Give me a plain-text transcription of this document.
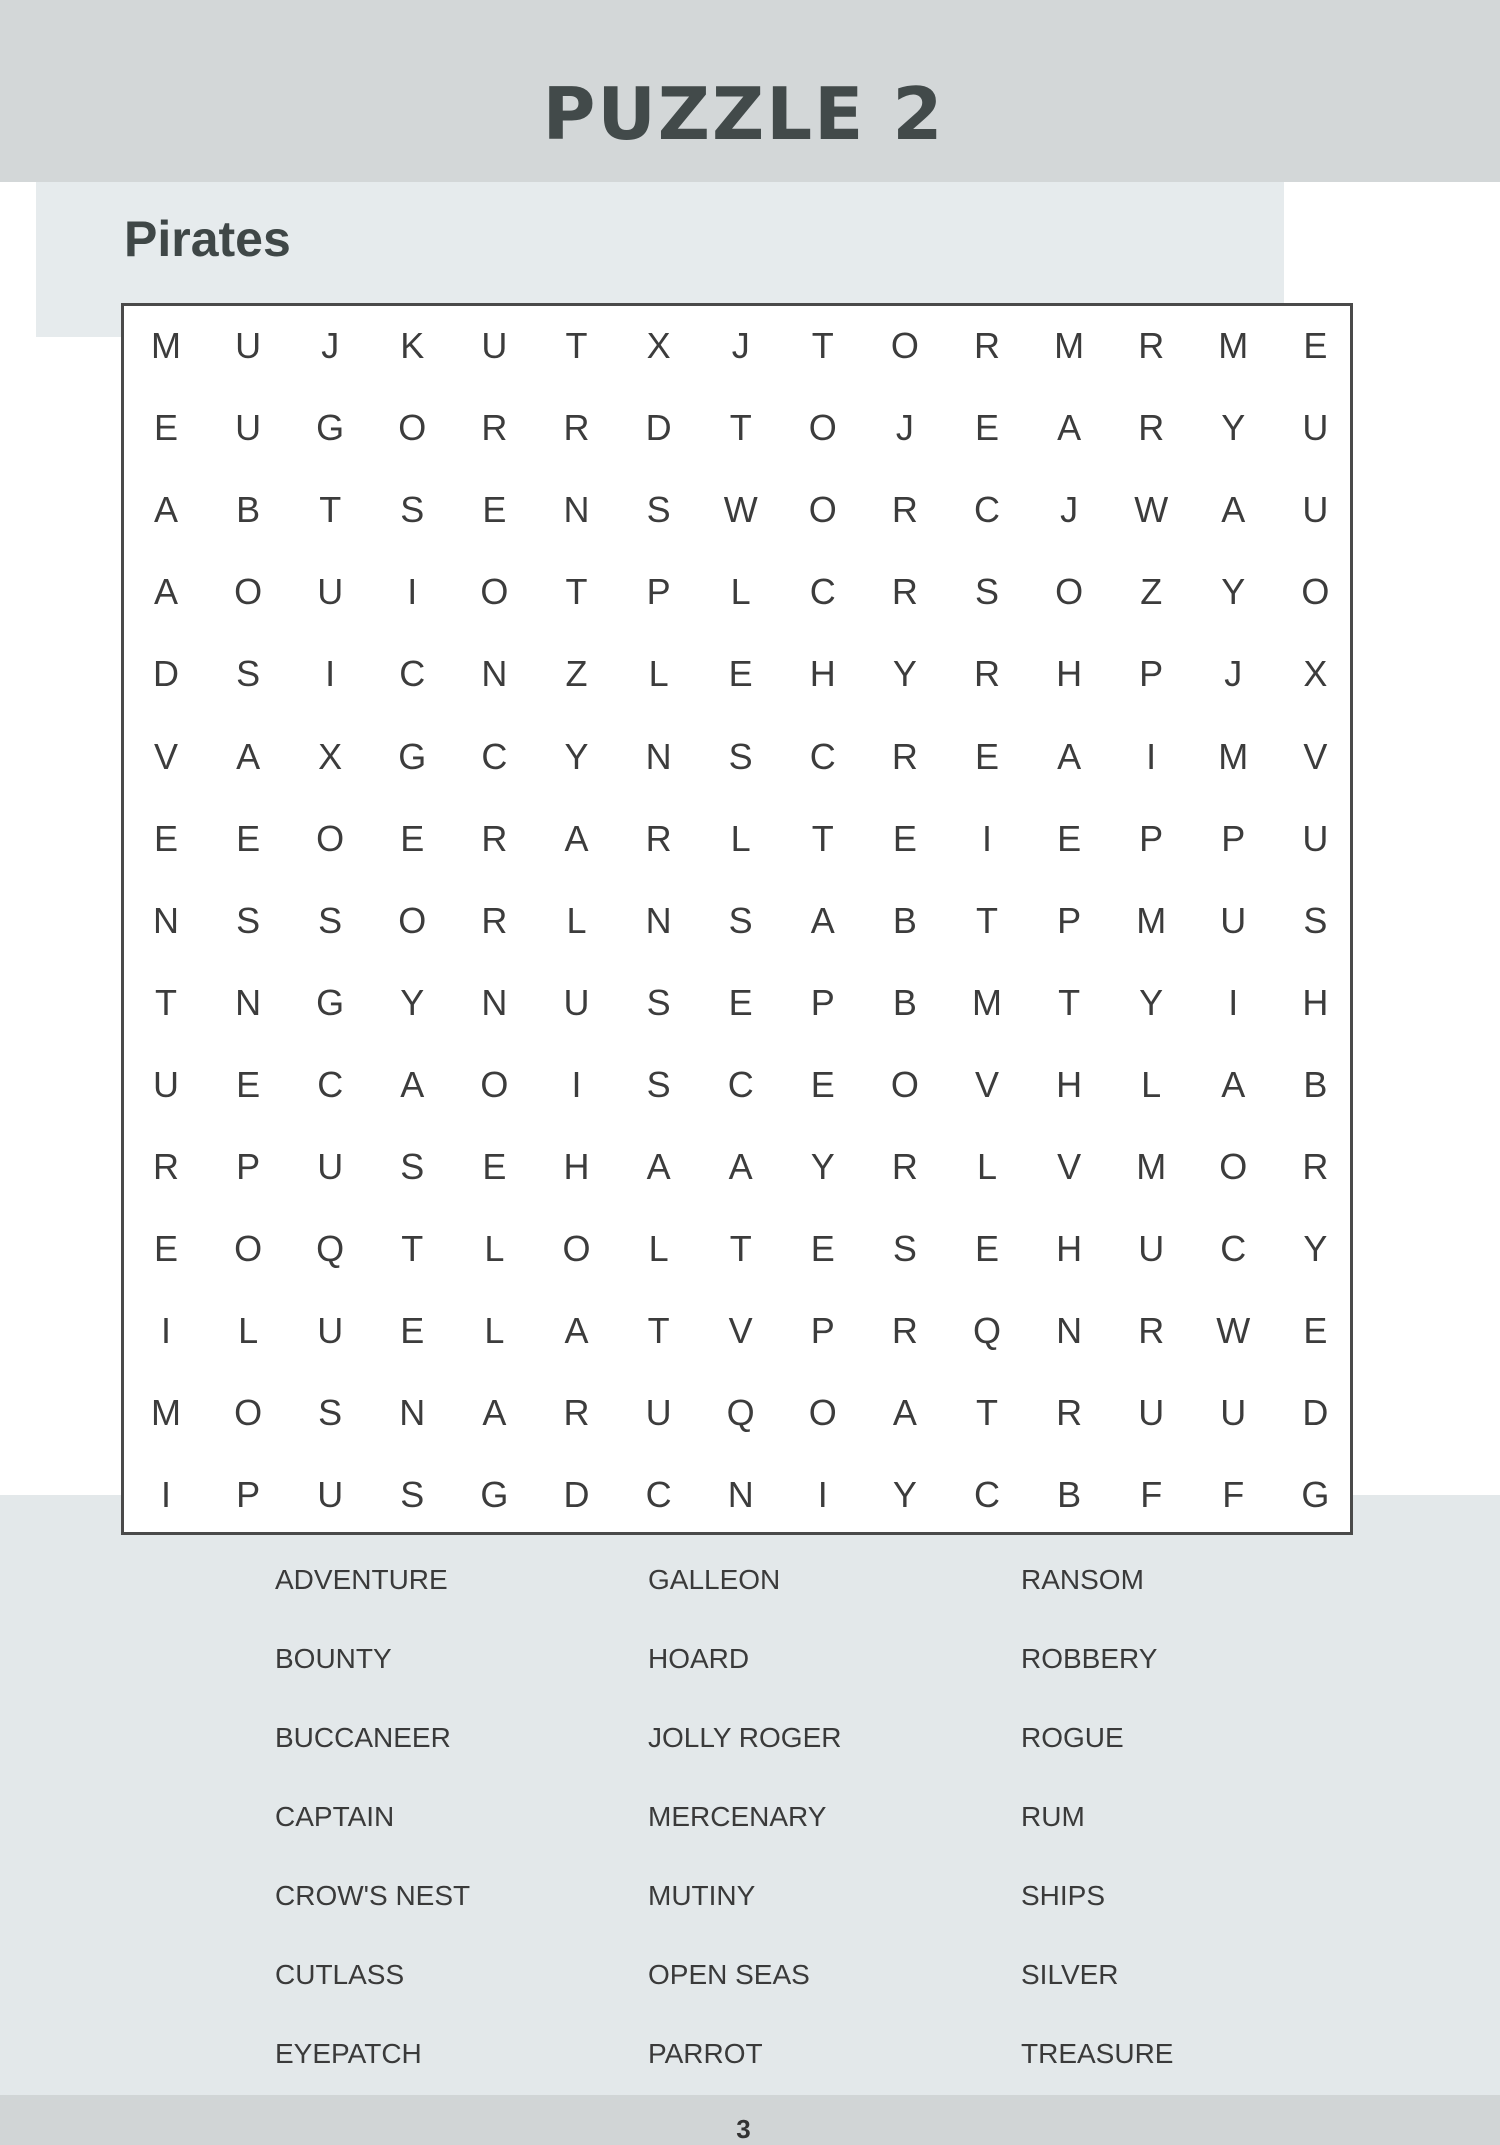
PUZZLE 2
Pirates
M	U	J	K	U	T	X	J	T	O	R	M	R	M	E
E	U	G	O	R	R	D	T	O	J	E	A	R	Y	U
A	B	T	S	E	N	S	W	O	R	C	J	W	A	U
A	O	U	I	O	T	P	L	C	R	S	O	Z	Y	O
D	S	I	C	N	Z	L	E	H	Y	R	H	P	J	X
V	A	X	G	C	Y	N	S	C	R	E	A	I	M	V
E	E	O	E	R	A	R	L	T	E	I	E	P	P	U
N	S	S	O	R	L	N	S	A	B	T	P	M	U	S
T	N	G	Y	N	U	S	E	P	B	M	T	Y	I	H
U	E	C	A	O	I	S	C	E	O	V	H	L	A	B
R	P	U	S	E	H	A	A	Y	R	L	V	M	O	R
E	O	Q	T	L	O	L	T	E	S	E	H	U	C	Y
I	L	U	E	L	A	T	V	P	R	Q	N	R	W	E
M	O	S	N	A	R	U	Q	O	A	T	R	U	U	D
I	P	U	S	G	D	C	N	I	Y	C	B	F	F	G
ADVENTURE
BOUNTY
BUCCANEER
CAPTAIN
CROW'S NEST
CUTLASS
EYEPATCH
GALLEON
HOARD
JOLLY ROGER
MERCENARY
MUTINY
OPEN SEAS
PARROT
RANSOM
ROBBERY
ROGUE
RUM
SHIPS
SILVER
TREASURE
3
